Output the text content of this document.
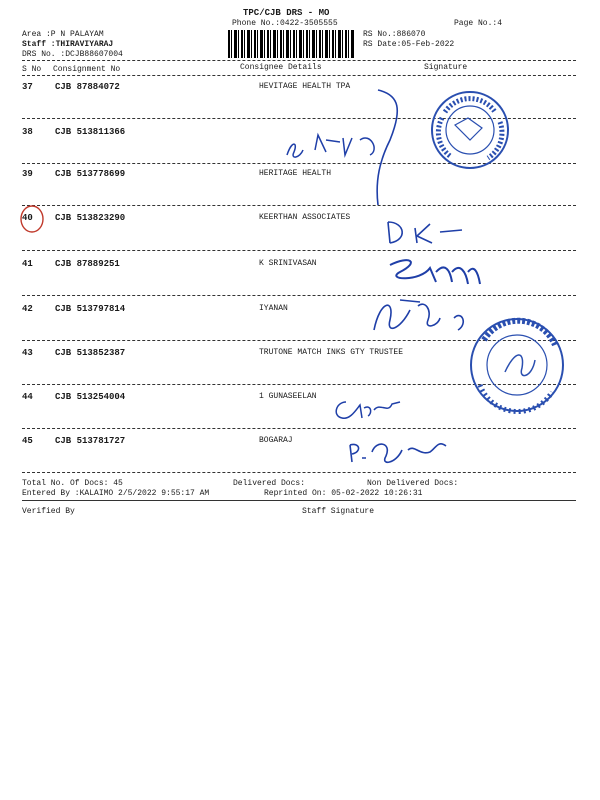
TPC/CJB DRS - MO
Phone No.:0422-3505555	Page No.:4
Area :P N PALAYAM
Staff :THIRAVIYARAJ
DRS No. :DCJB88607004
RS No.:886070
RS Date:05-Feb-2022
S No Consignment No	Consignee Details	Signature
37 CJB 87884072	HEVITAGE HEALTH TPA
38 CJB 513811366
39 CJB 513778699	HERITAGE HEALTH
40 CJB 513823290	KEERTHAN ASSOCIATES
41 CJB 87889251	K SRINIVASAN
42 CJB 513797814	IYANAN
43 CJB 513852387	TRUTONE MATCH INKS GTY TRUSTEE
44 CJB 513254004	1 GUNASEELAN
45 CJB 513781727	BOGARAJ
Total No. Of Docs: 45	Delivered Docs:	Non Delivered Docs:
Entered By :KALAIMO 2/5/2022 9:55:17 AM	Reprinted On: 05-02-2022 10:26:31
Verified By	Staff Signature
